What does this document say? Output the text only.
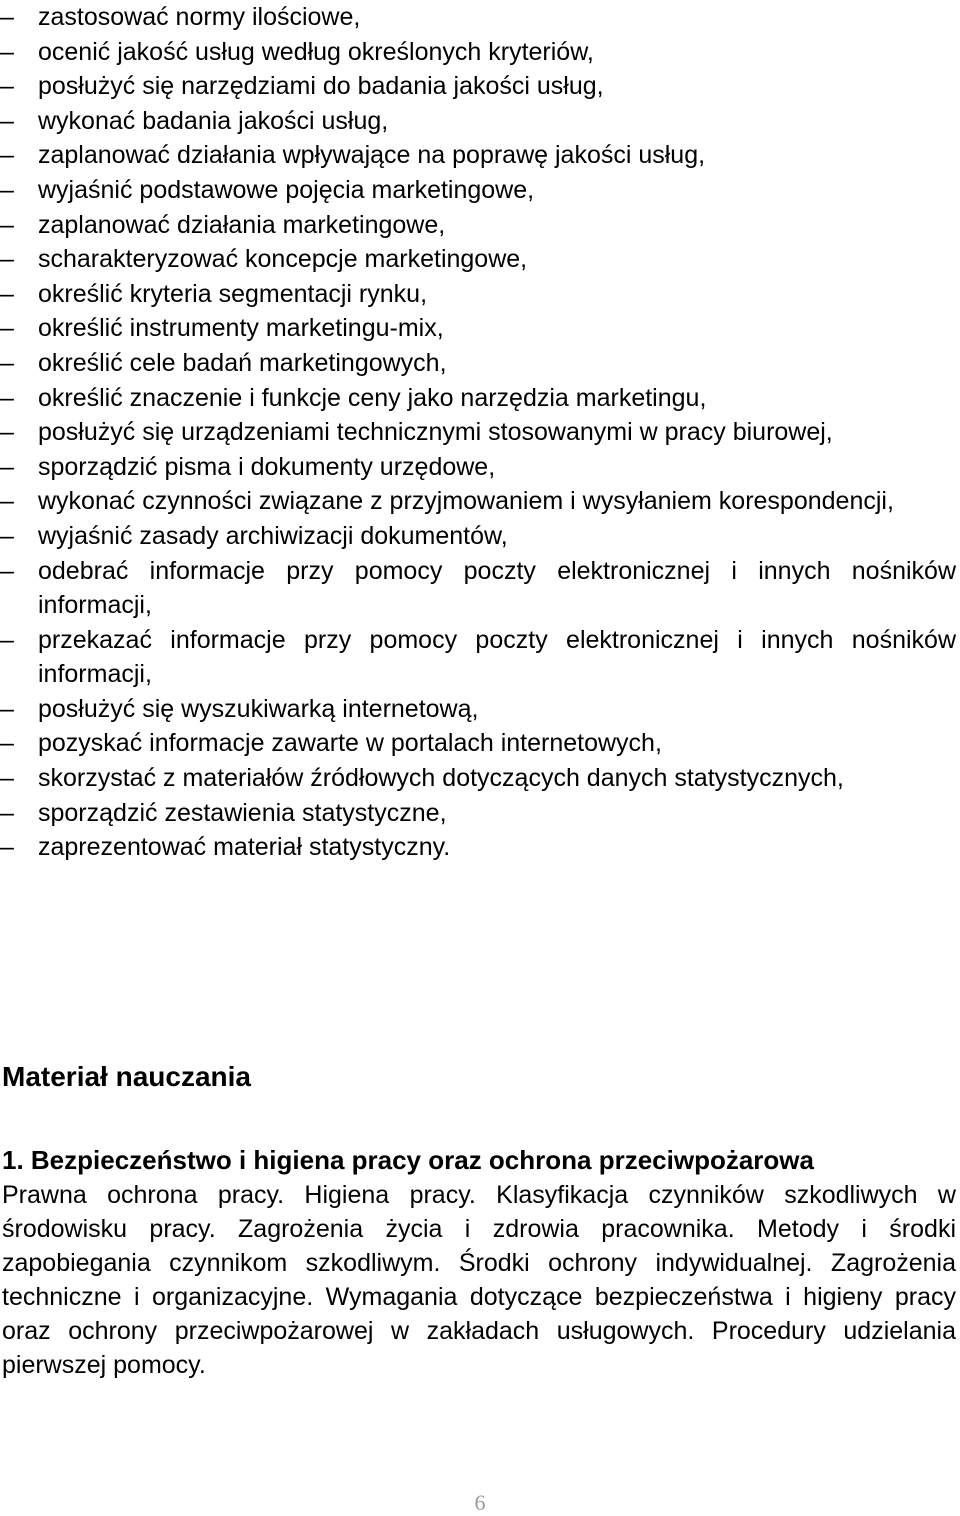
– zastosować normy ilościowe,
– ocenić jakość usług według określonych kryteriów,
– posłużyć się narzędziami do badania jakości usług,
– wykonać badania jakości usług,
– zaplanować działania wpływające na poprawę jakości usług,
– wyjaśnić podstawowe pojęcia marketingowe,
– zaplanować działania marketingowe,
– scharakteryzować koncepcje marketingowe,
– określić kryteria segmentacji rynku,
– określić instrumenty marketingu-mix,
– określić cele badań marketingowych,
– określić znaczenie i funkcje ceny jako narzędzia marketingu,
– posłużyć się urządzeniami technicznymi stosowanymi w pracy biurowej,
– sporządzić pisma i dokumenty urzędowe,
– wykonać czynności związane z przyjmowaniem i wysyłaniem korespondencji,
– wyjaśnić zasady archiwizacji dokumentów,
– odebrać informacje przy pomocy poczty elektronicznej i innych nośników informacji,
– przekazać informacje przy pomocy poczty elektronicznej i innych nośników informacji,
– posłużyć się wyszukiwarką internetową,
– pozyskać informacje zawarte w portalach internetowych,
– skorzystać z materiałów źródłowych dotyczących danych statystycznych,
– sporządzić zestawienia statystyczne,
– zaprezentować materiał statystyczny.
Materiał nauczania

1. Bezpieczeństwo i higiena pracy oraz ochrona przeciwpożarowa

Prawna ochrona pracy. Higiena pracy. Klasyfikacja czynników szkodliwych w środowisku pracy. Zagrożenia życia i zdrowia pracownika. Metody i środki zapobiegania czynnikom szkodliwym. Środki ochrony indywidualnej. Zagrożenia techniczne i organizacyjne. Wymagania dotyczące bezpieczeństwa i higieny pracy oraz ochrony przeciwpożarowej w zakładach usługowych. Procedury udzielania pierwszej pomocy.

6
